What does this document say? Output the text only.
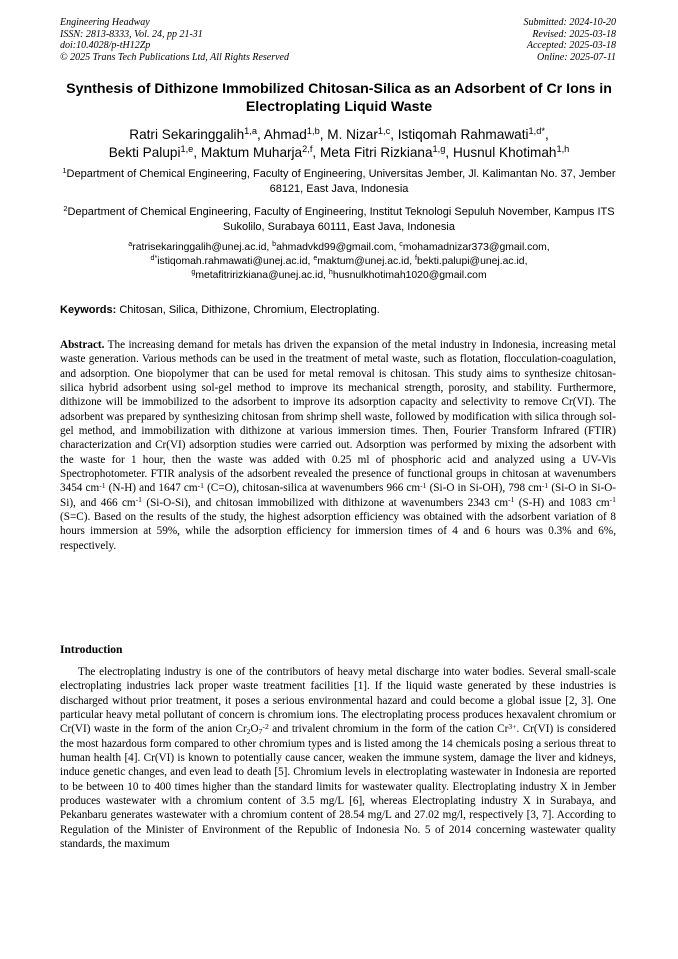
Engineering Headway
ISSN: 2813-8333, Vol. 24, pp 21-31
doi:10.4028/p-tH12Zp
© 2025 Trans Tech Publications Ltd, All Rights Reserved
Submitted: 2024-10-20
Revised: 2025-03-18
Accepted: 2025-03-18
Online: 2025-07-11
Synthesis of Dithizone Immobilized Chitosan-Silica as an Adsorbent of Cr Ions in Electroplating Liquid Waste
Ratri Sekaringgalih$^{1,a}$, Ahmad$^{1,b}$, M. Nizar$^{1,c}$, Istiqomah Rahmawati$^{1,d*}$,
Bekti Palupi$^{1,e}$, Maktum Muharja$^{2,f}$, Meta Fitri Rizkiana$^{1,g}$, Husnul Khotimah$^{1,h}$
$^1$Department of Chemical Engineering, Faculty of Engineering, Universitas Jember, Jl. Kalimantan No. 37, Jember 68121, East Java, Indonesia
$^2$Department of Chemical Engineering, Faculty of Engineering, Institut Teknologi Sepuluh November, Kampus ITS Sukolilo, Surabaya 60111, East Java, Indonesia
$^a$ratrisekaringgalih@unej.ac.id, $^b$ahmadvkd99@gmail.com, $^c$mohamadnizar373@gmail.com,
$^{d*}$istiqomah.rahmawati@unej.ac.id, $^e$maktum@unej.ac.id, $^f$bekti.palupi@unej.ac.id,
$^g$metafitririzkiana@unej.ac.id, $^h$husnulkhotimah1020@gmail.com
Keywords: Chitosan, Silica, Dithizone, Chromium, Electroplating.
Abstract. The increasing demand for metals has driven the expansion of the metal industry in Indonesia, increasing metal waste generation. Various methods can be used in the treatment of metal waste, such as flotation, flocculation-coagulation, and adsorption. One biopolymer that can be used for metal removal is chitosan. This study aims to synthesize chitosan-silica hybrid adsorbent using sol-gel method to improve its mechanical strength, porosity, and stability. Furthermore, dithizone will be immobilized to the adsorbent to improve its adsorption capacity and selectivity to remove Cr(VI). The adsorbent was prepared by synthesizing chitosan from shrimp shell waste, followed by modification with silica through sol-gel method, and immobilization with dithizone at various immersion times. Then, Fourier Transform Infrared (FTIR) characterization and Cr(VI) adsorption studies were carried out. Adsorption was performed by mixing the adsorbent with the waste for 1 hour, then the waste was added with 0.25 ml of phosphoric acid and analyzed using a UV-Vis Spectrophotometer. FTIR analysis of the adsorbent revealed the presence of functional groups in chitosan at wavenumbers 3454 $cm^{-1}$ (N-H) and 1647 $cm^{-1}$ (C=O), chitosan-silica at wavenumbers 966 $cm^{-1}$ (Si-O in Si-OH), 798 $cm^{-1}$ (Si-O in Si-O-Si), and 466 $cm^{-1}$ (Si-O-Si), and chitosan immobilized with dithizone at wavenumbers 2343 $cm^{-1}$ (S-H) and 1083 $cm^{-1}$ (S=C). Based on the results of the study, the highest adsorption efficiency was obtained with the adsorbent variation of 8 hours immersion at 59%, while the adsorption efficiency for immersion times of 4 and 6 hours was 0.3% and 6%, respectively.
Introduction
The electroplating industry is one of the contributors of heavy metal discharge into water bodies. Several small-scale electroplating industries lack proper waste treatment facilities [1]. If the liquid waste generated by these industries is discharged without prior treatment, it poses a serious environmental hazard and could become a global issue [2, 3]. One particular heavy metal pollutant of concern is chromium ions. The electroplating process produces hexavalent chromium or Cr(VI) waste in the form of the anion $Cr_2O_7^{-2}$ and trivalent chromium in the form of the cation $Cr^{3+}$. Cr(VI) is considered the most hazardous form compared to other chromium types and is listed among the 14 chemicals posing a serious threat to human health [4]. Cr(VI) is known to potentially cause cancer, weaken the immune system, damage the liver and kidneys, induce genetic changes, and even lead to death [5]. Chromium levels in electroplating wastewater in Indonesia are reported to be between 10 to 400 times higher than the standard limits for wastewater quality. Electroplating industry X in Jember produces wastewater with a chromium content of 3.5 mg/L [6], whereas Electroplating industry X in Surabaya, and Pekanbaru generates wastewater with a chromium content of 28.54 mg/L and 27.02 mg/l, respectively [3, 7]. According to Regulation of the Minister of Environment of the Republic of Indonesia No. 5 of 2014 concerning wastewater quality standards, the maximum
